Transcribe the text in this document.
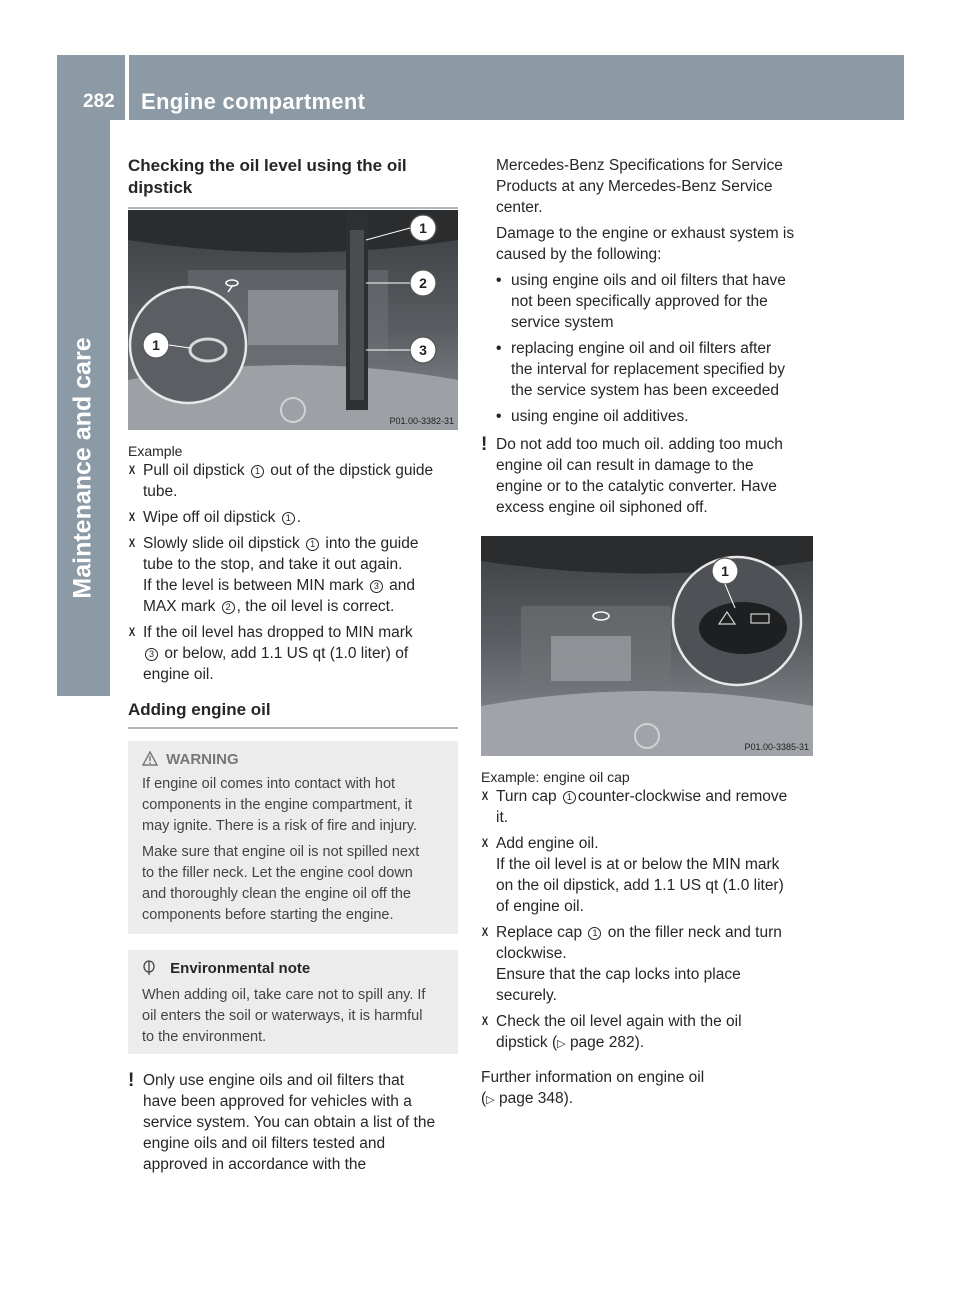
282 Engine compartment
Maintenance and care

Checking the oil level using the oil
dipstick

1
2
3
1
P01.00-3382-31

Example

X Pull oil dipstick 1 out of the dipstick guide
tube.
X Wipe off oil dipstick 1 .
X Slowly slide oil dipstick 1 into the guide
tube to the stop, and take it out again.
If the level is between MIN mark 3 and
MAX mark 2 , the oil level is correct.
X If the oil level has dropped to MIN mark
3 or below, add 1.1 US qt (1.0 liter) of
engine oil.

Adding engine oil

WARNING

If engine oil comes into contact with hot
components in the engine compartment, it
may ignite. There is a risk of fire and injury.

Make sure that engine oil is not spilled next
to the filler neck. Let the engine cool down
and thoroughly clean the engine oil off the
components before starting the engine.

Environmental note

When adding oil, take care not to spill any. If
oil enters the soil or waterways, it is harmful
to the environment.

! Only use engine oils and oil filters that
have been approved for vehicles with a
service system. You can obtain a list of the
engine oils and oil filters tested and
approved in accordance with the

Mercedes-Benz Specifications for Service
Products at any Mercedes-Benz Service
center.

Damage to the engine or exhaust system is
caused by the following:

• using engine oils and oil filters that have
not been specifically approved for the
service system
• replacing engine oil and oil filters after
the interval for replacement specified by
the service system has been exceeded
• using engine oil additives.
! Do not add too much oil. adding too much
engine oil can result in damage to the
engine or to the catalytic converter. Have
excess engine oil siphoned off.
1
P01.00-3385-31

Example: engine oil cap

X Turn cap 1 counter-clockwise and remove
it.
X Add engine oil.
If the oil level is at or below the MIN mark
on the oil dipstick, add 1.1 US qt (1.0 liter)
of engine oil.
X Replace cap 1 on the filler neck and turn
clockwise.
Ensure that the cap locks into place
securely.
X Check the oil level again with the oil
dipstick (▷ page 282).

Further information on engine oil
(▷ page 348).
